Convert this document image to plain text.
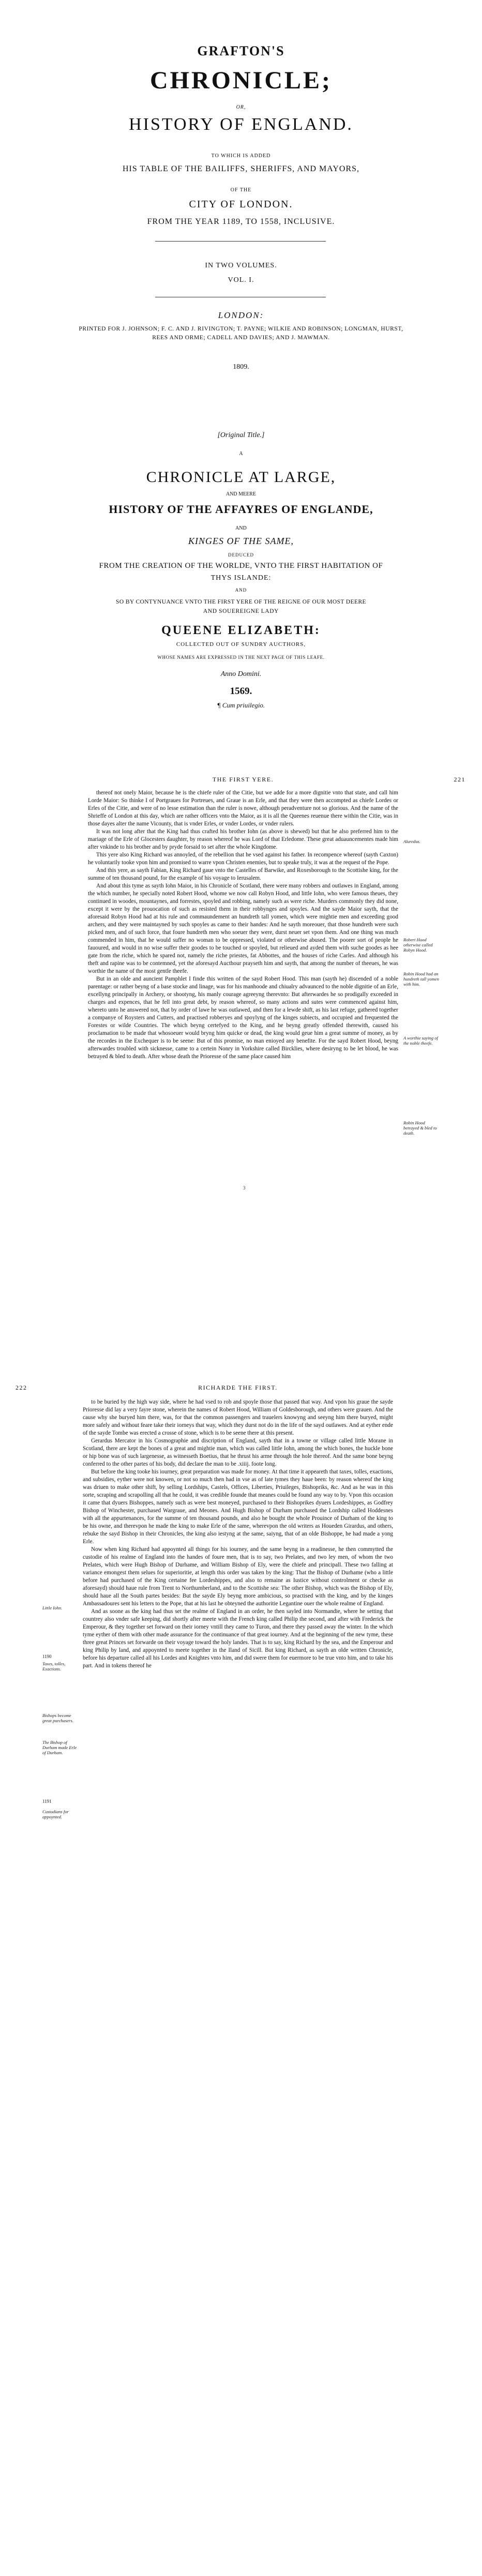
GRAFTON'S
CHRONICLE;
OR,
HISTORY OF ENGLAND.
TO WHICH IS ADDED
HIS TABLE OF THE BAILIFFS, SHERIFFS, AND MAYORS,
OF THE
CITY OF LONDON.
FROM THE YEAR 1189, TO 1558, INCLUSIVE.
IN TWO VOLUMES.
VOL. I.
LONDON:
PRINTED FOR J. JOHNSON; F. C. AND J. RIVINGTON; T. PAYNE; WILKIE AND ROBINSON; LONGMAN, HURST, REES AND ORME; CADELL AND DAVIES; AND J. MAWMAN.
1809.
[Original Title.]
A
CHRONICLE AT LARGE,
AND MEERE
HISTORY OF THE AFFAYRES OF ENGLANDE,
AND
KINGES OF THE SAME,
DEDUCED
FROM THE CREATION OF THE WORLDE, VNTO THE FIRST HABITATION OF
THYS ISLANDE:
AND
SO BY CONTYNUANCE VNTO THE FIRST YERE OF THE REIGNE OF OUR MOST DEERE
AND SOUEREIGNE LADY
QUEENE ELIZABETH:
COLLECTED OUT OF SUNDRY AUCTHORS,
WHOSE NAMES ARE EXPRESSED IN THE NEXT PAGE OF THIS LEAFE.
Anno Domini.
1569.
¶ Cum priuilegio.
THE FIRST YERE.	221

thereof not onely Maior, because he is the chiefe ruler of the Citie, but we adde for a more dignitie vnto that state, and call him Lorde Maior: So thinke I of Portgraues for Portreues, and Graue is an Erle, and that they were then accompted as chiefe Lordes or Erles of the Citie, and were of no lesse estimation than the ruler is nowe, although peradventure not so glorious. And the name of the Shrieffe of London at this day, which are rather officers vnto the Maior, as it is all the Queenes reuenue there within the Citie, was in those dayes alter the name Vicounty, that is vnder Erles, or vnder Lordes, or vnder rulers.

It was not long after that the King had thus crafted his brother Iohn (as above is shewed) but that he also preferred him to the mariage of the Erle of Glocesters daughter, by reason whereof he was Lord of that Erledome. These great aduauncementes made him after vnkinde to his brother and by pryde forsaid to set after the whole Kingdome.

This yere also King Richard was annoyled, of the rebellion that he vsed against his father. In recompence whereof (sayth Caxton) he voluntarily tooke vpon him and promised to warre vpon Christen enemies, but to speake truly, it was at the request of the Pope.

And this yere, as sayth Fabian, King Richard gaue vnto the Castelles of Barwike, and Roxesborough to the Scottishe king, for the summe of ten thousand pound, for the example of his voyage to Ierusalem.

And about this tyme as sayth Iohn Maior, in his Chronicle of Scotland, there were many robbers and outlawes in England, among the which number, he specially noted Robert Hood, whome we now call Robyn Hood, and little Iohn, who were famous theues, they continued in woodes, mountaynes, and forrestes, spoyled and robbing, namely such as were riche. Murders commonly they did none, except it were by the prouocation of such as resisted them in their robbynges and spoyles. And the sayde Maior sayth, that the aforesaid Robyn Hood had at his rule and commaundement an hundreth tall yomen, which were mightie men and exceeding good archers, and they were maintayned by such spoyles as came to their handes: And he sayth moreouer, that those hundreth were such picked men, and of such force, that foure hundreth men who soeuer they were, durst neuer set vpon them. And one thing was much commended in him, that he would suffer no woman to be oppressed, violated or otherwise abused. The poorer sort of people he fauoured, and would in no wise suffer their goodes to be touched or spoyled, but relieued and ayded them with suche goodes as hee gate from the riche, which he spared not, namely the riche priestes, fat Abbottes, and the houses of riche Carles. And although his theft and rapine was to be contemned, yet the aforesayd Aucthour prayseth him and sayth, that among the number of theeues, he was worthie the name of the most gentle theefe.

But in an olde and auncient Pamphlet I finde this written of the sayd Robert Hood. This man (sayth he) discended of a noble parentage: or rather beyng of a base stocke and linage, was for his manhoode and chiualry advaunced to the noble dignitie of an Erle, excellyng principally in Archery, or shootyng, his manly courage agreeyng therevnto: But afterwardes he so prodigally exceeded in charges and expences, that he fell into great debt, by reason whereof, so many actions and sutes were commenced against him, whereto unto he answered not, that by order of lawe he was outlawed, and then for a lewde shift, as his last refuge, gathered together a companye of Roysters and Cutters, and practised robberyes and spoylyng of the kinges subiects, and occupied and frequented the Forestes or wilde Countries. The which beyng certefyed to the King, and he beyng greatly offended therewith, caused his proclamation to be made that whosoeuer would bryng him quicke or dead, the king would geue him a great summe of money, as by the recordes in the Exchequer is to be seene: But of this promise, no man enioyed any benefite. For the sayd Robert Hood, beyng afterwardes troubled with sicknesse, came to a certein Nonry in Yorkshire called Bircklies, where desiryng to be let blood, he was betrayed & bled to death. After whose death the Prioresse of the same place caused him

Aluredus.
Robert Hood otherwise called Robyn Hood.
Robin Hood had an hundreth tall yomen with him.
A worthie saying of the noble theefe.
Robin Hood betrayed & bled to death.
3
RICHARDE THE FIRST.
222

to be buried by the high way side, where he had vsed to rob and spoyle those that passed that way. And vpon his graue the sayde Prioresse did lay a very fayre stone, wherein the names of Robert Hood, William of Goldesborough, and others were grauen. And the cause why she buryed him there, was, for that the common passengers and trauelers knowyng and seeyng him there buryed, might more safely and without feare take their iorneys that way, which they durst not do in the life of the sayd outlawes. And at eyther ende of the sayde Tombe was erected a crosse of stone, which is to be seene there at this present.

Gerardus Mercator in his Cosmographie and discription of England, sayth that in a towne or village called little Morane in Scotland, there are kept the bones of a great and mightie man, which was called little Iohn, among the which bones, the huckle bone or hip bone was of such largenesse, as witnesseth Boetius, that he thrust his arme through the hole thereof. And the same bone beyng conferred to the other partes of his body, did declare the man to be .xiiij. foote long.

But before the king tooke his iourney, great preparation was made for money. At that time it appeareth that taxes, tolles, exactions, and subsidies, eyther were not knowen, or not so much then had in vse as of late tymes they haue been: by reason whereof the king was driuen to make other shift, by selling Lordships, Castels, Offices, Liberties, Priuileges, Bishopriks, &c. And as he was in this sorte, scraping and scrapolling all that he could, it was credible founde that meanes could be found any way to by. Vpon this occasion it came that dyuers Bishoppes, namely such as were best moneyed, purchased to their Bishoprikes dyuers Lordeshippes, as Godfrey Bishop of Winchester, purchased Wargraue, and Meones. And Hugh Bishop of Durham purchased the Lordship called Hoddesnes with all the appurtenances, for the summe of ten thousand pounds, and also he bought the whole Prouince of Durham of the king to be his owne, and therevpon he made the king to make Erle of the same, wherevpon the old writers as Houeden Girardus, and others, rebuke the sayd Bishop in their Chronicles, the king also iestyng at the same, saiyng, that of an olde Bishoppe, he had made a yong Erle.

Now when king Richard had appoynted all things for his iourney, and the same beyng in a readinesse, he then commytted the custodie of his realme of England into the handes of foure men, that is to say, two Prelates, and two ley men, of whom the two Prelates, which were Hugh Bishop of Durhame, and William Bishop of Ely, were the chiefe and principall. These two falling at variance emongest them selues for superioritie, at length this order was taken by the king: That the Bishop of Durhame (who a little before had purchased of the King certaine fee Lordeshippes, and also to remaine as Iustice without controlment or checke as aforesayd) should haue rule from Trent to Northumberland, and to the Scottishe sea: The other Bishop, which was the Bishop of Ely, should haue all the South partes besides: But the sayde Ely beyng more ambicious, so practised with the king, and by the kinges Ambassadoures sent his letters to the Pope, that at his last he obteyned the authoritie Legantine ouer the whole realme of England.

And as soone as the king had thus set the realme of England in an order, he then sayled into Normandie, where he setting that countrey also vnder safe keeping, did shortly after meete with the French king called Philip the second, and after with Frederick the Emperour, & they together set forward on their iorney vntill they came to Turon, and there they passed away the winter. In the which tyme eyther of them with other made assurance for the continuance of that great iourney. And at the beginning of the new tyme, these three great Princes set forwarde on their voyage toward the holy landes. That is to say, king Richard by the sea, and the Emperour and king Philip by land, and appoynted to meete together in the Iland of Sicill. But king Richard, as sayth an olde written Chronicle, before his departure called all his Lordes and Knightes vnto him, and did swere them for euermore to be true vnto him, and to take his part. And in tokens thereof he

Little Iohn.
1190
Taxes, tolles, Exactions.
Bishops become great purchasers.
The Bishop of Durham made Erle of Durham.
1191
Custodians for appoynted.
